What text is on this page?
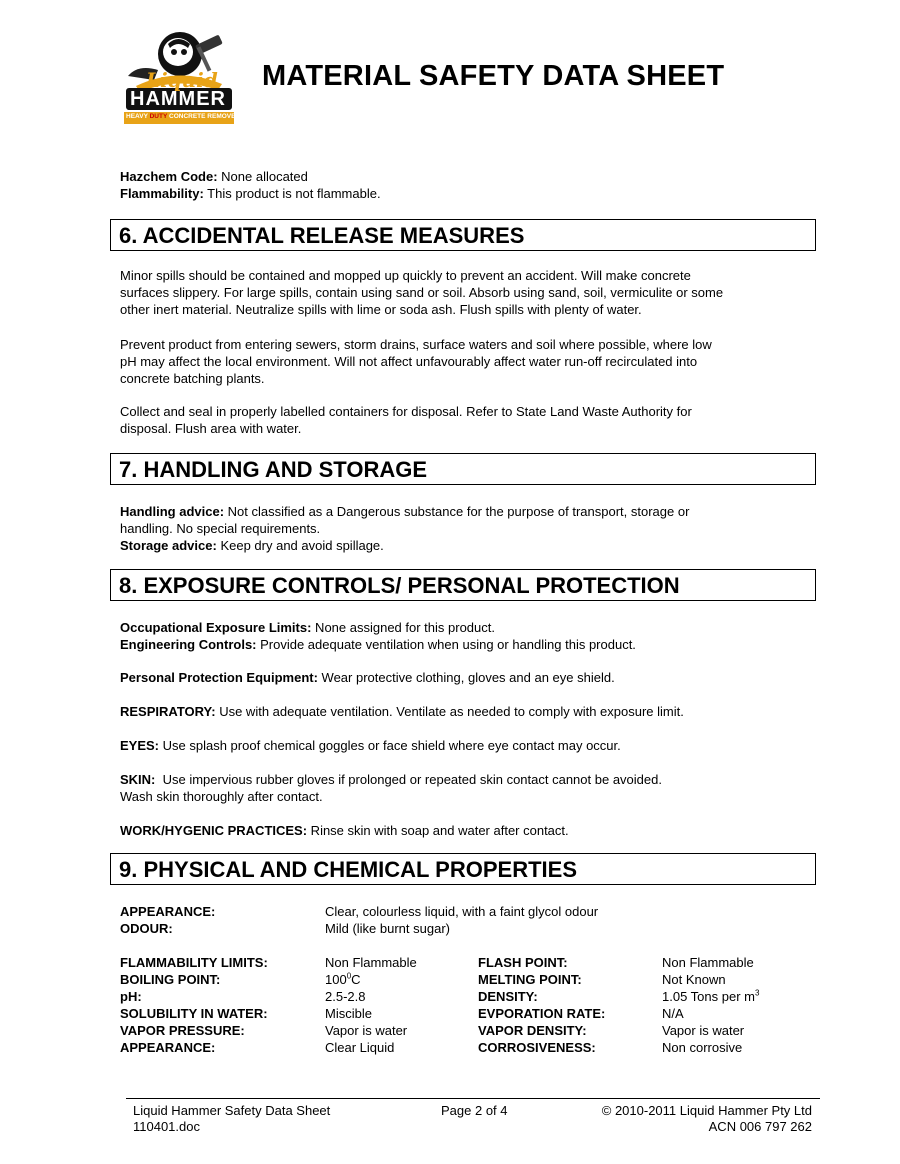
Liquid
HAMMER
HEAVY DUTY CONCRETE REMOVER
MATERIAL SAFETY DATA SHEET

Hazchem Code: None allocated

Flammability: This product is not flammable.

6. ACCIDENTAL RELEASE MEASURES

Minor spills should be contained and mopped up quickly to prevent an accident. Will make concrete

surfaces slippery. For large spills, contain using sand or soil. Absorb using sand, soil, vermiculite or some

other inert material. Neutralize spills with lime or soda ash. Flush spills with plenty of water.

Prevent product from entering sewers, storm drains, surface waters and soil where possible, where low

pH may affect the local environment. Will not affect unfavourably affect water run-off recirculated into

concrete batching plants.

Collect and seal in properly labelled containers for disposal. Refer to State Land Waste Authority for

disposal. Flush area with water.

7. HANDLING AND STORAGE

Handling advice: Not classified as a Dangerous substance for the purpose of transport, storage or

handling. No special requirements.

Storage advice: Keep dry and avoid spillage.

8. EXPOSURE CONTROLS/ PERSONAL PROTECTION

Occupational Exposure Limits: None assigned for this product.

Engineering Controls: Provide adequate ventilation when using or handling this product.

Personal Protection Equipment: Wear protective clothing, gloves and an eye shield.

RESPIRATORY: Use with adequate ventilation. Ventilate as needed to comply with exposure limit.

EYES: Use splash proof chemical goggles or face shield where eye contact may occur.

SKIN:  Use impervious rubber gloves if prolonged or repeated skin contact cannot be avoided.

Wash skin thoroughly after contact.

WORK/HYGENIC PRACTICES: Rinse skin with soap and water after contact.

9. PHYSICAL AND CHEMICAL PROPERTIES
APPEARANCE:	Clear, colourless liquid, with a faint glycol odour
ODOUR:	Mild (like burnt sugar)
FLAMMABILITY LIMITS:	Non Flammable	FLASH POINT:	Non Flammable
BOILING POINT:	$100^0C$	MELTING POINT:	Not Known
pH:	2.5-2.8	DENSITY:	1.05 Tons per $m^3$
SOLUBILITY IN WATER:	Miscible	EVPORATION RATE:	N/A
VAPOR PRESSURE:	Vapor is water	VAPOR DENSITY:	Vapor is water
APPEARANCE:	Clear Liquid	CORROSIVENESS:	Non corrosive
Liquid Hammer Safety Data Sheet
110401.doc
Page 2 of 4	© 2010-2011 Liquid Hammer Pty Ltd
ACN 006 797 262
